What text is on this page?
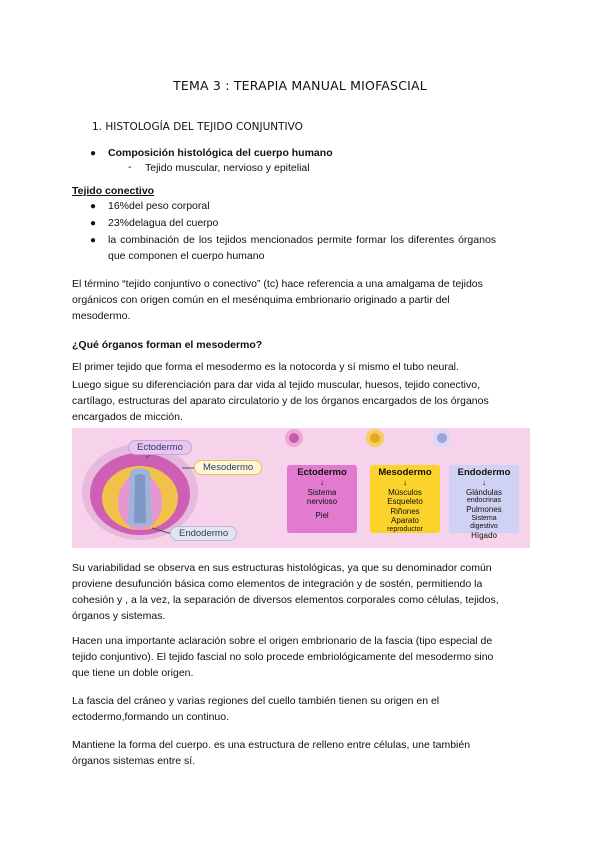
TEMA 3 : TERAPIA MANUAL MIOFASCIAL
1. HISTOLOGÍA DEL TEJIDO CONJUNTIVO
● Composición histológica del cuerpo humano
- Tejido muscular, nervioso y epitelial
Tejido conectivo
● 16%del peso corporal
● 23%delagua del cuerpo
● la combinación de los tejidos mencionados permite formar los diferentes órganos
que componen el cuerpo humano
El término “tejido conjuntivo o conectivo” (tc) hace referencia a una amalgama de tejidos
orgánicos con origen común en el mesénquima embrionario originado a partir del
mesodermo.
¿Qué órganos forman el mesodermo?
El primer tejido que forma el mesodermo es la notocorda y sí mismo el tubo neural.
Luego sigue su diferenciación para dar vida al tejido muscular, huesos, tejido conectivo,
cartílago, estructuras del aparato circulatorio y de los órganos encargados de los órganos
encargados de micción.
Ectodermo
Mesodermo
Endodermo
Ectodermo
↓
Sistema
nervioso
Piel
Mesodermo
↓
Músculos
Esqueleto
Riñones
Aparato
reproductor
Endodermo
↓
Glándulas
endocrinas
Pulmones
Sistema
digestivo
Hígado
Su variabilidad se observa en sus estructuras histológicas, ya que su denominador común
proviene desufunción básica como elementos de integración y de sostén, permitiendo la
cohesión y , a la vez, la separación de diversos elementos corporales como células, tejidos,
órganos y sistemas.
Hacen una importante aclaración sobre el origen embrionario de la fascia (tipo especial de
tejido conjuntivo). El tejido fascial no solo procede embriológicamente del mesodermo sino
que tiene un doble origen.
La fascia del cráneo y varias regiones del cuello también tienen su origen en el
ectodermo,formando un continuo.
Mantiene la forma del cuerpo. es una estructura de relleno entre células, une también
órganos sistemas entre sí.
